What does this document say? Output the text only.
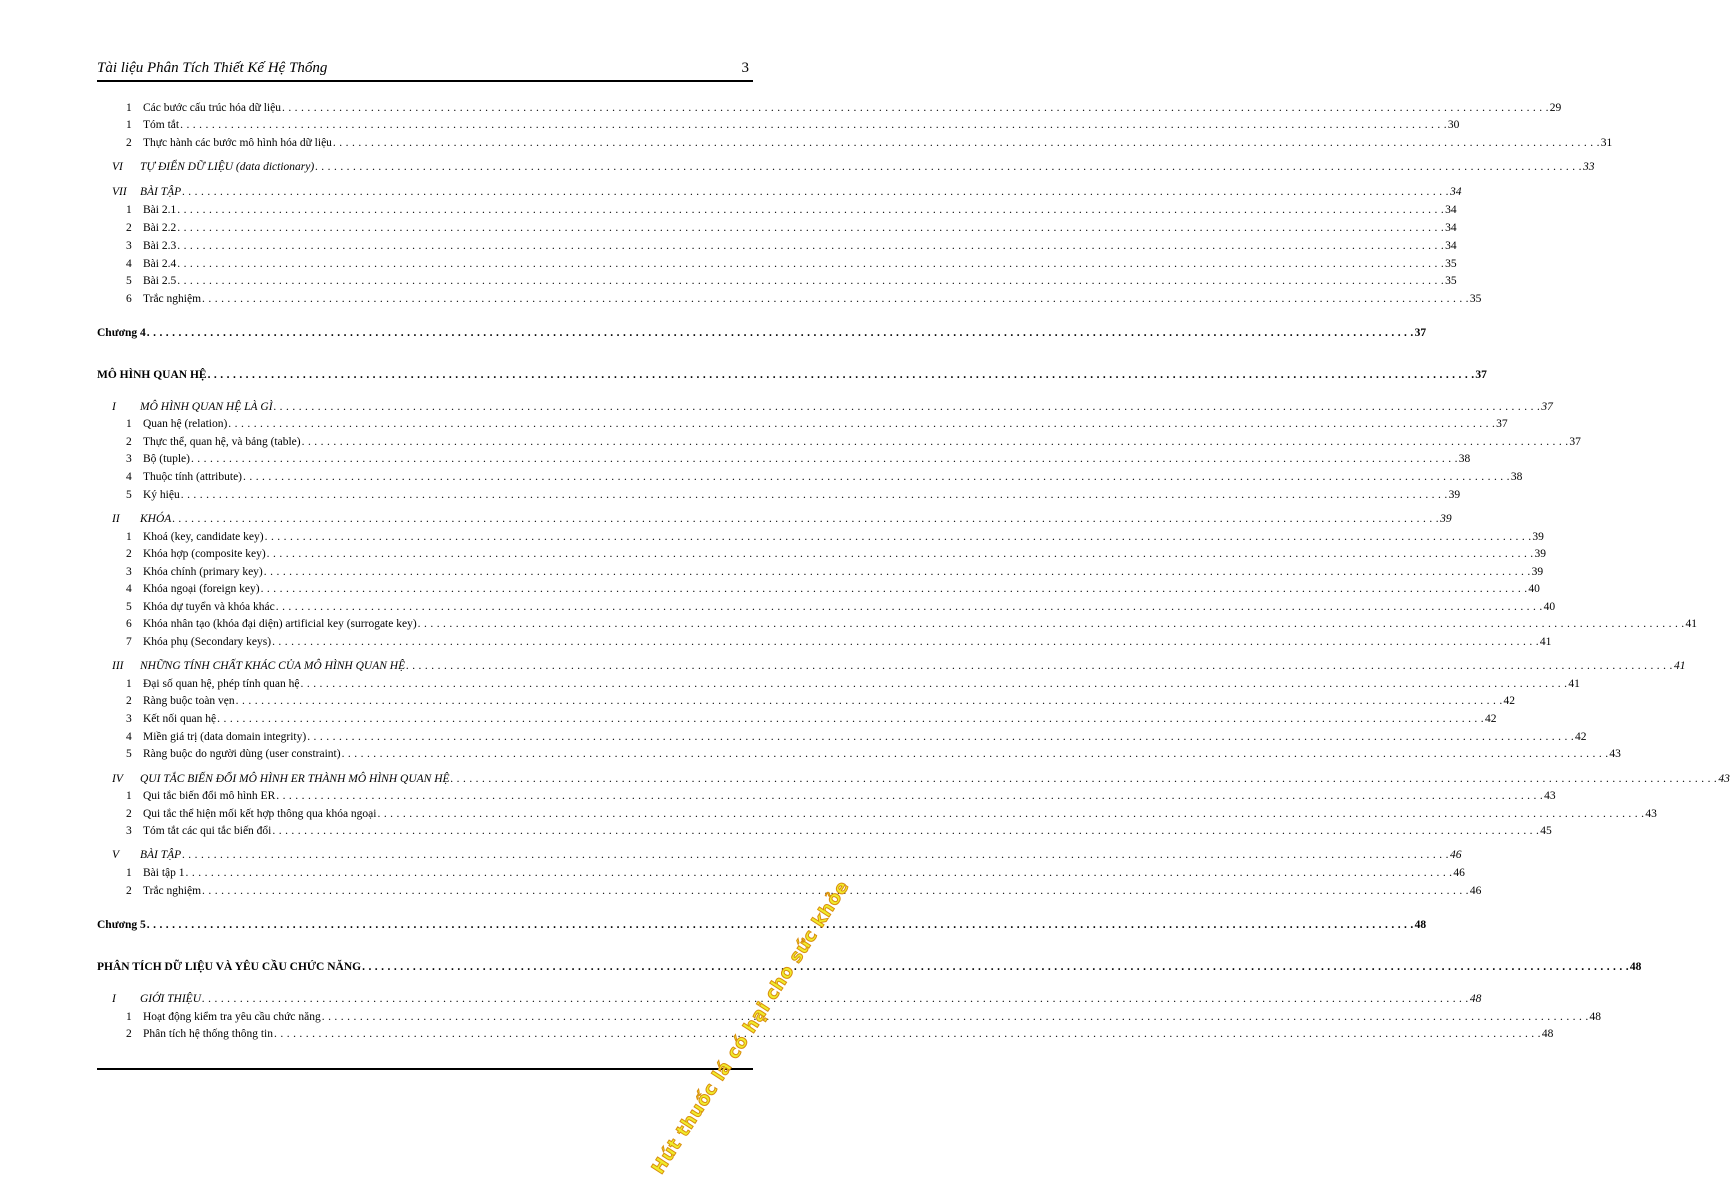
Tài liệu Phân Tích Thiết Kế Hệ Thống	3
1 Các bước cấu trúc hóa dữ liệu . . . . . . . . . . . . . . . . . . . . . . . . . . . . . . . . . . . . . . . . . . . . . . . . . . . . . . . . . . . . . . . . . . . . . . . . . . . . . . . . . . . . . . . . . . . . . . . . . . . . . . . . . . . . . . . . . . . . . . . . . . . . . . . . . . . . . . . . . . . . . . . . . . . . . . . . . . . . . . . . . . . . . . . . . . . . . . . . . . . . . . . . . . . . . . . . . . . . . . . . 29
1 Tóm tắt . . . . . . . . . . . . . . . . . . . . . . . . . . . . . . . . . . . . . . . . . . . . . . . . . . . . . . . . . . . . . . . . . . . . . . . . . . . . . . . . . . . . . . . . . . . . . . . . . . . . . . . . . . . . . . . . . . . . . . . . . . . . . . . . . . . . . . . . . . . . . . . . . . . . . . . . . . . . . . . . . . . . . . . . . . . . . . . . . . . . . . . . . . . . . . . . . . . . . . . . 30
2 Thực hành các bước mô hình hóa dữ liệu . . . . . . . . . . . . . . . . . . . . . . . . . . . . . . . . . . . . . . . . . . . . . . . . . . . . . . . . . . . . . . . . . . . . . . . . . . . . . . . . . . . . . . . . . . . . . . . . . . . . . . . . . . . . . . . . . . . . . . . . . . . . . . . . . . . . . . . . . . . . . . . . . . . . . . . . . . . . . . . . . . . . . . . . . . . . . . . . . . . . . . . . . . . . . . . . . . . . . . . . 31
VI TỰ ĐIỂN DỮ LIỆU (data dictionary) . . . . . . . . . . . . . . . . . . . . . . . . . . . . . . . . . . . . . . . . . . . . . . . . . . . . . . . . . . . . . . . . . . . . . . . . . . . . . . . . . . . . . . . . . . . . . . . . . . . . . . . . . . . . . . . . . . . . . . . . . . . . . . . . . . . . . . . . . . . . . . . . . . . . . . . . . . . . . . . . . . . . . . . . . . . . . . . . . . . . . . . . . . . . . . . . . . . . . . . . 33
VII BÀI TẬP . . . . . . . . . . . . . . . . . . . . . . . . . . . . . . . . . . . . . . . . . . . . . . . . . . . . . . . . . . . . . . . . . . . . . . . . . . . . . . . . . . . . . . . . . . . . . . . . . . . . . . . . . . . . . . . . . . . . . . . . . . . . . . . . . . . . . . . . . . . . . . . . . . . . . . . . . . . . . . . . . . . . . . . . . . . . . . . . . . . . . . . . . . . . . . . . . . . . . . . . 34
1 Bài 2.1 . . . . . . . . . . . . . . . . . . . . . . . . . . . . . . . . . . . . . . . . . . . . . . . . . . . . . . . . . . . . . . . . . . . . . . . . . . . . . . . . . . . . . . . . . . . . . . . . . . . . . . . . . . . . . . . . . . . . . . . . . . . . . . . . . . . . . . . . . . . . . . . . . . . . . . . . . . . . . . . . . . . . . . . . . . . . . . . . . . . . . . . . . . . . . . . . . . . . . . . . 34
2 Bài 2.2 . . . . . . . . . . . . . . . . . . . . . . . . . . . . . . . . . . . . . . . . . . . . . . . . . . . . . . . . . . . . . . . . . . . . . . . . . . . . . . . . . . . . . . . . . . . . . . . . . . . . . . . . . . . . . . . . . . . . . . . . . . . . . . . . . . . . . . . . . . . . . . . . . . . . . . . . . . . . . . . . . . . . . . . . . . . . . . . . . . . . . . . . . . . . . . . . . . . . . . . . 34
3 Bài 2.3 . . . . . . . . . . . . . . . . . . . . . . . . . . . . . . . . . . . . . . . . . . . . . . . . . . . . . . . . . . . . . . . . . . . . . . . . . . . . . . . . . . . . . . . . . . . . . . . . . . . . . . . . . . . . . . . . . . . . . . . . . . . . . . . . . . . . . . . . . . . . . . . . . . . . . . . . . . . . . . . . . . . . . . . . . . . . . . . . . . . . . . . . . . . . . . . . . . . . . . . . 34
4 Bài 2.4 . . . . . . . . . . . . . . . . . . . . . . . . . . . . . . . . . . . . . . . . . . . . . . . . . . . . . . . . . . . . . . . . . . . . . . . . . . . . . . . . . . . . . . . . . . . . . . . . . . . . . . . . . . . . . . . . . . . . . . . . . . . . . . . . . . . . . . . . . . . . . . . . . . . . . . . . . . . . . . . . . . . . . . . . . . . . . . . . . . . . . . . . . . . . . . . . . . . . . . . . 35
5 Bài 2.5 . . . . . . . . . . . . . . . . . . . . . . . . . . . . . . . . . . . . . . . . . . . . . . . . . . . . . . . . . . . . . . . . . . . . . . . . . . . . . . . . . . . . . . . . . . . . . . . . . . . . . . . . . . . . . . . . . . . . . . . . . . . . . . . . . . . . . . . . . . . . . . . . . . . . . . . . . . . . . . . . . . . . . . . . . . . . . . . . . . . . . . . . . . . . . . . . . . . . . . . . 35
6 Trắc nghiệm . . . . . . . . . . . . . . . . . . . . . . . . . . . . . . . . . . . . . . . . . . . . . . . . . . . . . . . . . . . . . . . . . . . . . . . . . . . . . . . . . . . . . . . . . . . . . . . . . . . . . . . . . . . . . . . . . . . . . . . . . . . . . . . . . . . . . . . . . . . . . . . . . . . . . . . . . . . . . . . . . . . . . . . . . . . . . . . . . . . . . . . . . . . . . . . . . . . . . . . . 35
Chương 4 . . . . . . . . . . . . . . . . . . . . . . . . . . . . . . . . . . . . . . . . . . . . . . . . . . . . . . . . . . . . . . . . . . . . . . . . . . . . . . . . . . . . . . . . . . . . . . . . . . . . . . . . . . . . . . . . . . . . . . . . . . . . . . . . . . . . . . . . . . . . . . . . . . . . . . . . . . . . . . . . . . . . . . . . . . . . . . . . . . . . . . . . . . . . . . . . . . . . . . . . 37
MÔ HÌNH QUAN HỆ . . . . . . . . . . . . . . . . . . . . . . . . . . . . . . . . . . . . . . . . . . . . . . . . . . . . . . . . . . . . . . . . . . . . . . . . . . . . . . . . . . . . . . . . . . . . . . . . . . . . . . . . . . . . . . . . . . . . . . . . . . . . . . . . . . . . . . . . . . . . . . . . . . . . . . . . . . . . . . . . . . . . . . . . . . . . . . . . . . . . . . . . . . . . . . . . . . . . . . . . 37
I MÔ HÌNH QUAN HỆ LÀ GÌ . . . . . . . . . . . . . . . . . . . . . . . . . . . . . . . . . . . . . . . . . . . . . . . . . . . . . . . . . . . . . . . . . . . . . . . . . . . . . . . . . . . . . . . . . . . . . . . . . . . . . . . . . . . . . . . . . . . . . . . . . . . . . . . . . . . . . . . . . . . . . . . . . . . . . . . . . . . . . . . . . . . . . . . . . . . . . . . . . . . . . . . . . . . . . . . . . . . . . . . . 37
1 Quan hệ (relation) . . . . . . . . . . . . . . . . . . . . . . . . . . . . . . . . . . . . . . . . . . . . . . . . . . . . . . . . . . . . . . . . . . . . . . . . . . . . . . . . . . . . . . . . . . . . . . . . . . . . . . . . . . . . . . . . . . . . . . . . . . . . . . . . . . . . . . . . . . . . . . . . . . . . . . . . . . . . . . . . . . . . . . . . . . . . . . . . . . . . . . . . . . . . . . . . . . . . . . . . 37
2 Thực thể, quan hệ, và bảng (table) . . . . . . . . . . . . . . . . . . . . . . . . . . . . . . . . . . . . . . . . . . . . . . . . . . . . . . . . . . . . . . . . . . . . . . . . . . . . . . . . . . . . . . . . . . . . . . . . . . . . . . . . . . . . . . . . . . . . . . . . . . . . . . . . . . . . . . . . . . . . . . . . . . . . . . . . . . . . . . . . . . . . . . . . . . . . . . . . . . . . . . . . . . . . . . . . . . . . . . . . 37
3 Bộ (tuple) . . . . . . . . . . . . . . . . . . . . . . . . . . . . . . . . . . . . . . . . . . . . . . . . . . . . . . . . . . . . . . . . . . . . . . . . . . . . . . . . . . . . . . . . . . . . . . . . . . . . . . . . . . . . . . . . . . . . . . . . . . . . . . . . . . . . . . . . . . . . . . . . . . . . . . . . . . . . . . . . . . . . . . . . . . . . . . . . . . . . . . . . . . . . . . . . . . . . . . . . 38
4 Thuộc tính (attribute) . . . . . . . . . . . . . . . . . . . . . . . . . . . . . . . . . . . . . . . . . . . . . . . . . . . . . . . . . . . . . . . . . . . . . . . . . . . . . . . . . . . . . . . . . . . . . . . . . . . . . . . . . . . . . . . . . . . . . . . . . . . . . . . . . . . . . . . . . . . . . . . . . . . . . . . . . . . . . . . . . . . . . . . . . . . . . . . . . . . . . . . . . . . . . . . . . . . . . . . . 38
5 Ký hiệu . . . . . . . . . . . . . . . . . . . . . . . . . . . . . . . . . . . . . . . . . . . . . . . . . . . . . . . . . . . . . . . . . . . . . . . . . . . . . . . . . . . . . . . . . . . . . . . . . . . . . . . . . . . . . . . . . . . . . . . . . . . . . . . . . . . . . . . . . . . . . . . . . . . . . . . . . . . . . . . . . . . . . . . . . . . . . . . . . . . . . . . . . . . . . . . . . . . . . . . . 39
II KHÓA . . . . . . . . . . . . . . . . . . . . . . . . . . . . . . . . . . . . . . . . . . . . . . . . . . . . . . . . . . . . . . . . . . . . . . . . . . . . . . . . . . . . . . . . . . . . . . . . . . . . . . . . . . . . . . . . . . . . . . . . . . . . . . . . . . . . . . . . . . . . . . . . . . . . . . . . . . . . . . . . . . . . . . . . . . . . . . . . . . . . . . . . . . . . . . . . . . . . . . . . 39
1 Khoá (key, candidate key) . . . . . . . . . . . . . . . . . . . . . . . . . . . . . . . . . . . . . . . . . . . . . . . . . . . . . . . . . . . . . . . . . . . . . . . . . . . . . . . . . . . . . . . . . . . . . . . . . . . . . . . . . . . . . . . . . . . . . . . . . . . . . . . . . . . . . . . . . . . . . . . . . . . . . . . . . . . . . . . . . . . . . . . . . . . . . . . . . . . . . . . . . . . . . . . . . . . . . . . . 39
2 Khóa hợp (composite key) . . . . . . . . . . . . . . . . . . . . . . . . . . . . . . . . . . . . . . . . . . . . . . . . . . . . . . . . . . . . . . . . . . . . . . . . . . . . . . . . . . . . . . . . . . . . . . . . . . . . . . . . . . . . . . . . . . . . . . . . . . . . . . . . . . . . . . . . . . . . . . . . . . . . . . . . . . . . . . . . . . . . . . . . . . . . . . . . . . . . . . . . . . . . . . . . . . . . . . . . 39
3 Khóa chính (primary key) . . . . . . . . . . . . . . . . . . . . . . . . . . . . . . . . . . . . . . . . . . . . . . . . . . . . . . . . . . . . . . . . . . . . . . . . . . . . . . . . . . . . . . . . . . . . . . . . . . . . . . . . . . . . . . . . . . . . . . . . . . . . . . . . . . . . . . . . . . . . . . . . . . . . . . . . . . . . . . . . . . . . . . . . . . . . . . . . . . . . . . . . . . . . . . . . . . . . . . . . 39
4 Khóa ngoại (foreign key) . . . . . . . . . . . . . . . . . . . . . . . . . . . . . . . . . . . . . . . . . . . . . . . . . . . . . . . . . . . . . . . . . . . . . . . . . . . . . . . . . . . . . . . . . . . . . . . . . . . . . . . . . . . . . . . . . . . . . . . . . . . . . . . . . . . . . . . . . . . . . . . . . . . . . . . . . . . . . . . . . . . . . . . . . . . . . . . . . . . . . . . . . . . . . . . . . . . . . . . . 40
5 Khóa dự tuyển và khóa khác . . . . . . . . . . . . . . . . . . . . . . . . . . . . . . . . . . . . . . . . . . . . . . . . . . . . . . . . . . . . . . . . . . . . . . . . . . . . . . . . . . . . . . . . . . . . . . . . . . . . . . . . . . . . . . . . . . . . . . . . . . . . . . . . . . . . . . . . . . . . . . . . . . . . . . . . . . . . . . . . . . . . . . . . . . . . . . . . . . . . . . . . . . . . . . . . . . . . . . . . 40
6 Khóa nhân tạo (khóa đại diện) artificial key (surrogate key) . . . . . . . . . . . . . . . . . . . . . . . . . . . . . . . . . . . . . . . . . . . . . . . . . . . . . . . . . . . . . . . . . . . . . . . . . . . . . . . . . . . . . . . . . . . . . . . . . . . . . . . . . . . . . . . . . . . . . . . . . . . . . . . . . . . . . . . . . . . . . . . . . . . . . . . . . . . . . . . . . . . . . . . . . . . . . . . . . . . . . . . . . . . . . . . . . . . . . . . . 41
7 Khóa phụ (Secondary keys) . . . . . . . . . . . . . . . . . . . . . . . . . . . . . . . . . . . . . . . . . . . . . . . . . . . . . . . . . . . . . . . . . . . . . . . . . . . . . . . . . . . . . . . . . . . . . . . . . . . . . . . . . . . . . . . . . . . . . . . . . . . . . . . . . . . . . . . . . . . . . . . . . . . . . . . . . . . . . . . . . . . . . . . . . . . . . . . . . . . . . . . . . . . . . . . . . . . . . . . . 41
III NHỮNG TÍNH CHẤT KHÁC CỦA MÔ HÌNH QUAN HỆ . . . . . . . . . . . . . . . . . . . . . . . . . . . . . . . . . . . . . . . . . . . . . . . . . . . . . . . . . . . . . . . . . . . . . . . . . . . . . . . . . . . . . . . . . . . . . . . . . . . . . . . . . . . . . . . . . . . . . . . . . . . . . . . . . . . . . . . . . . . . . . . . . . . . . . . . . . . . . . . . . . . . . . . . . . . . . . . . . . . . . . . . . . . . . . . . . . . . . . . . 41
1 Đại số quan hệ, phép tính quan hệ . . . . . . . . . . . . . . . . . . . . . . . . . . . . . . . . . . . . . . . . . . . . . . . . . . . . . . . . . . . . . . . . . . . . . . . . . . . . . . . . . . . . . . . . . . . . . . . . . . . . . . . . . . . . . . . . . . . . . . . . . . . . . . . . . . . . . . . . . . . . . . . . . . . . . . . . . . . . . . . . . . . . . . . . . . . . . . . . . . . . . . . . . . . . . . . . . . . . . . . . 41
2 Ràng buộc toàn vẹn . . . . . . . . . . . . . . . . . . . . . . . . . . . . . . . . . . . . . . . . . . . . . . . . . . . . . . . . . . . . . . . . . . . . . . . . . . . . . . . . . . . . . . . . . . . . . . . . . . . . . . . . . . . . . . . . . . . . . . . . . . . . . . . . . . . . . . . . . . . . . . . . . . . . . . . . . . . . . . . . . . . . . . . . . . . . . . . . . . . . . . . . . . . . . . . . . . . . . . . . 42
3 Kết nối quan hệ . . . . . . . . . . . . . . . . . . . . . . . . . . . . . . . . . . . . . . . . . . . . . . . . . . . . . . . . . . . . . . . . . . . . . . . . . . . . . . . . . . . . . . . . . . . . . . . . . . . . . . . . . . . . . . . . . . . . . . . . . . . . . . . . . . . . . . . . . . . . . . . . . . . . . . . . . . . . . . . . . . . . . . . . . . . . . . . . . . . . . . . . . . . . . . . . . . . . . . . . 42
4 Miền giá trị (data domain integrity) . . . . . . . . . . . . . . . . . . . . . . . . . . . . . . . . . . . . . . . . . . . . . . . . . . . . . . . . . . . . . . . . . . . . . . . . . . . . . . . . . . . . . . . . . . . . . . . . . . . . . . . . . . . . . . . . . . . . . . . . . . . . . . . . . . . . . . . . . . . . . . . . . . . . . . . . . . . . . . . . . . . . . . . . . . . . . . . . . . . . . . . . . . . . . . . . . . . . . . . . 42
5 Ràng buộc do người dùng (user constraint) . . . . . . . . . . . . . . . . . . . . . . . . . . . . . . . . . . . . . . . . . . . . . . . . . . . . . . . . . . . . . . . . . . . . . . . . . . . . . . . . . . . . . . . . . . . . . . . . . . . . . . . . . . . . . . . . . . . . . . . . . . . . . . . . . . . . . . . . . . . . . . . . . . . . . . . . . . . . . . . . . . . . . . . . . . . . . . . . . . . . . . . . . . . . . . . . . . . . . . . . 43
IV QUI TẮC BIẾN ĐỔI MÔ HÌNH ER THÀNH MÔ HÌNH QUAN HỆ . . . . . . . . . . . . . . . . . . . . . . . . . . . . . . . . . . . . . . . . . . . . . . . . . . . . . . . . . . . . . . . . . . . . . . . . . . . . . . . . . . . . . . . . . . . . . . . . . . . . . . . . . . . . . . . . . . . . . . . . . . . . . . . . . . . . . . . . . . . . . . . . . . . . . . . . . . . . . . . . . . . . . . . . . . . . . . . . . . . . . . . . . . . . . . . . . . . . . . . . 43
1 Qui tắc biến đổi mô hình ER . . . . . . . . . . . . . . . . . . . . . . . . . . . . . . . . . . . . . . . . . . . . . . . . . . . . . . . . . . . . . . . . . . . . . . . . . . . . . . . . . . . . . . . . . . . . . . . . . . . . . . . . . . . . . . . . . . . . . . . . . . . . . . . . . . . . . . . . . . . . . . . . . . . . . . . . . . . . . . . . . . . . . . . . . . . . . . . . . . . . . . . . . . . . . . . . . . . . . . . . 43
2 Qui tắc thể hiện mối kết hợp thông qua khóa ngoại . . . . . . . . . . . . . . . . . . . . . . . . . . . . . . . . . . . . . . . . . . . . . . . . . . . . . . . . . . . . . . . . . . . . . . . . . . . . . . . . . . . . . . . . . . . . . . . . . . . . . . . . . . . . . . . . . . . . . . . . . . . . . . . . . . . . . . . . . . . . . . . . . . . . . . . . . . . . . . . . . . . . . . . . . . . . . . . . . . . . . . . . . . . . . . . . . . . . . . . . 43
3 Tóm tắt các qui tắc biến đổi . . . . . . . . . . . . . . . . . . . . . . . . . . . . . . . . . . . . . . . . . . . . . . . . . . . . . . . . . . . . . . . . . . . . . . . . . . . . . . . . . . . . . . . . . . . . . . . . . . . . . . . . . . . . . . . . . . . . . . . . . . . . . . . . . . . . . . . . . . . . . . . . . . . . . . . . . . . . . . . . . . . . . . . . . . . . . . . . . . . . . . . . . . . . . . . . . . . . . . . . 45
V BÀI TẬP . . . . . . . . . . . . . . . . . . . . . . . . . . . . . . . . . . . . . . . . . . . . . . . . . . . . . . . . . . . . . . . . . . . . . . . . . . . . . . . . . . . . . . . . . . . . . . . . . . . . . . . . . . . . . . . . . . . . . . . . . . . . . . . . . . . . . . . . . . . . . . . . . . . . . . . . . . . . . . . . . . . . . . . . . . . . . . . . . . . . . . . . . . . . . . . . . . . . . . . . 46
1 Bài tập 1 . . . . . . . . . . . . . . . . . . . . . . . . . . . . . . . . . . . . . . . . . . . . . . . . . . . . . . . . . . . . . . . . . . . . . . . . . . . . . . . . . . . . . . . . . . . . . . . . . . . . . . . . . . . . . . . . . . . . . . . . . . . . . . . . . . . . . . . . . . . . . . . . . . . . . . . . . . . . . . . . . . . . . . . . . . . . . . . . . . . . . . . . . . . . . . . . . . . . . . . . 46
2 Trắc nghiệm . . . . . . . . . . . . . . . . . . . . . . . . . . . . . . . . . . . . . . . . . . . . . . . . . . . . . . . . . . . . . . . . . . . . . . . . . . . . . . . . . . . . . . . . . . . . . . . . . . . . . . . . . . . . . . . . . . . . . . . . . . . . . . . . . . . . . . . . . . . . . . . . . . . . . . . . . . . . . . . . . . . . . . . . . . . . . . . . . . . . . . . . . . . . . . . . . . . . . . . . 46
Chương 5 . . . . . . . . . . . . . . . . . . . . . . . . . . . . . . . . . . . . . . . . . . . . . . . . . . . . . . . . . . . . . . . . . . . . . . . . . . . . . . . . . . . . . . . . . . . . . . . . . . . . . . . . . . . . . . . . . . . . . . . . . . . . . . . . . . . . . . . . . . . . . . . . . . . . . . . . . . . . . . . . . . . . . . . . . . . . . . . . . . . . . . . . . . . . . . . . . . . . . . . . 48
PHÂN TÍCH DỮ LIỆU VÀ YÊU CẦU CHỨC NĂNG . . . . . . . . . . . . . . . . . . . . . . . . . . . . . . . . . . . . . . . . . . . . . . . . . . . . . . . . . . . . . . . . . . . . . . . . . . . . . . . . . . . . . . . . . . . . . . . . . . . . . . . . . . . . . . . . . . . . . . . . . . . . . . . . . . . . . . . . . . . . . . . . . . . . . . . . . . . . . . . . . . . . . . . . . . . . . . . . . . . . . . . . . . . . . . . . . . . . . . . . 48
I GIỚI THIỆU . . . . . . . . . . . . . . . . . . . . . . . . . . . . . . . . . . . . . . . . . . . . . . . . . . . . . . . . . . . . . . . . . . . . . . . . . . . . . . . . . . . . . . . . . . . . . . . . . . . . . . . . . . . . . . . . . . . . . . . . . . . . . . . . . . . . . . . . . . . . . . . . . . . . . . . . . . . . . . . . . . . . . . . . . . . . . . . . . . . . . . . . . . . . . . . . . . . . . . . . 48
1 Hoạt động kiểm tra yêu cầu chức năng . . . . . . . . . . . . . . . . . . . . . . . . . . . . . . . . . . . . . . . . . . . . . . . . . . . . . . . . . . . . . . . . . . . . . . . . . . . . . . . . . . . . . . . . . . . . . . . . . . . . . . . . . . . . . . . . . . . . . . . . . . . . . . . . . . . . . . . . . . . . . . . . . . . . . . . . . . . . . . . . . . . . . . . . . . . . . . . . . . . . . . . . . . . . . . . . . . . . . . . . 48
2 Phân tích hệ thống thông tin . . . . . . . . . . . . . . . . . . . . . . . . . . . . . . . . . . . . . . . . . . . . . . . . . . . . . . . . . . . . . . . . . . . . . . . . . . . . . . . . . . . . . . . . . . . . . . . . . . . . . . . . . . . . . . . . . . . . . . . . . . . . . . . . . . . . . . . . . . . . . . . . . . . . . . . . . . . . . . . . . . . . . . . . . . . . . . . . . . . . . . . . . . . . . . . . . . . . . . . . 48
Hút thuốc lá có hại cho sức khỏe
